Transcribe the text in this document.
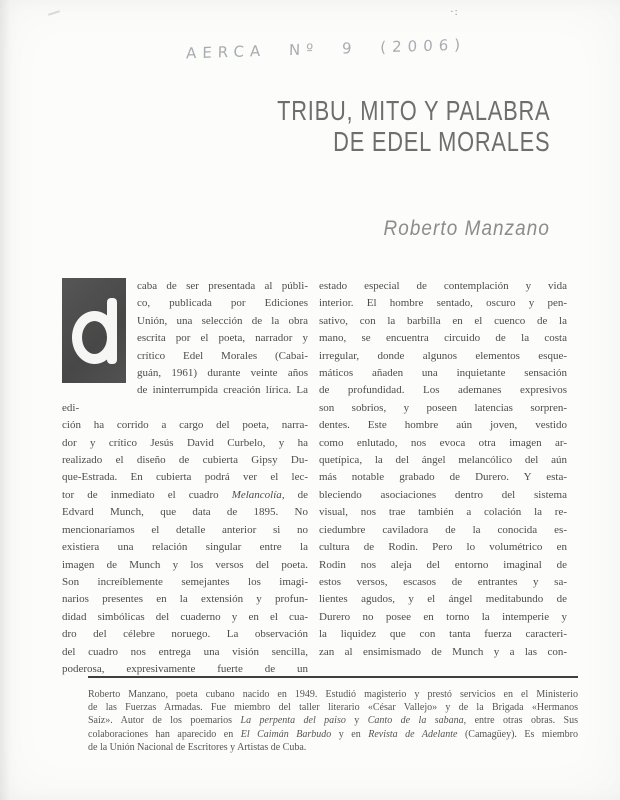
·:
AERCA Nº 9 (2006)
TRIBU, MITO Y PALABRA
DE EDEL MORALES
Roberto Manzano
caba de ser presentada al públi-
co, publicada por Ediciones
Unión, una selección de la obra
escrita por el poeta, narrador y
crítico Edel Morales (Cabai-
guán, 1961) durante veinte años
de ininterrumpida creación lírica. La edi-
ción ha corrido a cargo del poeta, narra-
dor y crítico Jesús David Curbelo, y ha
realizado el diseño de cubierta Gipsy Du-
que-Estrada. En cubierta podrá ver el lec-
tor de inmediato el cuadro Melancolía, de
Edvard Munch, que data de 1895. No
mencionaríamos el detalle anterior si no
existiera una relación singular entre la
imagen de Munch y los versos del poeta.
Son increíblemente semejantes los imagi-
narios presentes en la extensión y profun-
didad simbólicas del cuaderno y en el cua-
dro del célebre noruego. La observación
del cuadro nos entrega una visión sencilla,
poderosa, expresivamente fuerte de un
estado especial de contemplación y vida
interior. El hombre sentado, oscuro y pen-
sativo, con la barbilla en el cuenco de la
mano, se encuentra circuido de la costa
irregular, donde algunos elementos esque-
máticos añaden una inquietante sensación
de profundidad. Los ademanes expresivos
son sobrios, y poseen latencias sorpren-
dentes. Este hombre aún joven, vestido
como enlutado, nos evoca otra imagen ar-
quetípica, la del ángel melancólico del aún
más notable grabado de Durero. Y esta-
bleciendo asociaciones dentro del sistema
visual, nos trae también a colación la re-
ciedumbre caviladora de la conocida es-
cultura de Rodin. Pero lo volumétrico en
Rodin nos aleja del entorno imaginal de
estos versos, escasos de entrantes y sa-
lientes agudos, y el ángel meditabundo de
Durero no posee en torno la intemperie y
la liquidez que con tanta fuerza caracteri-
zan al ensimismado de Munch y a las con-
Roberto Manzano, poeta cubano nacido en 1949. Estudió magisterio y prestó servicios en el Ministerio
de las Fuerzas Armadas. Fue miembro del taller literario «César Vallejo» y de la Brigada «Hermanos
Saíz». Autor de los poemarios La perpenta del paiso y Canto de la sabana, entre otras obras. Sus
colaboraciones han aparecido en El Caimán Barbudo y en Revista de Adelante (Camagüey). Es miembro
de la Unión Nacional de Escritores y Artistas de Cuba.
